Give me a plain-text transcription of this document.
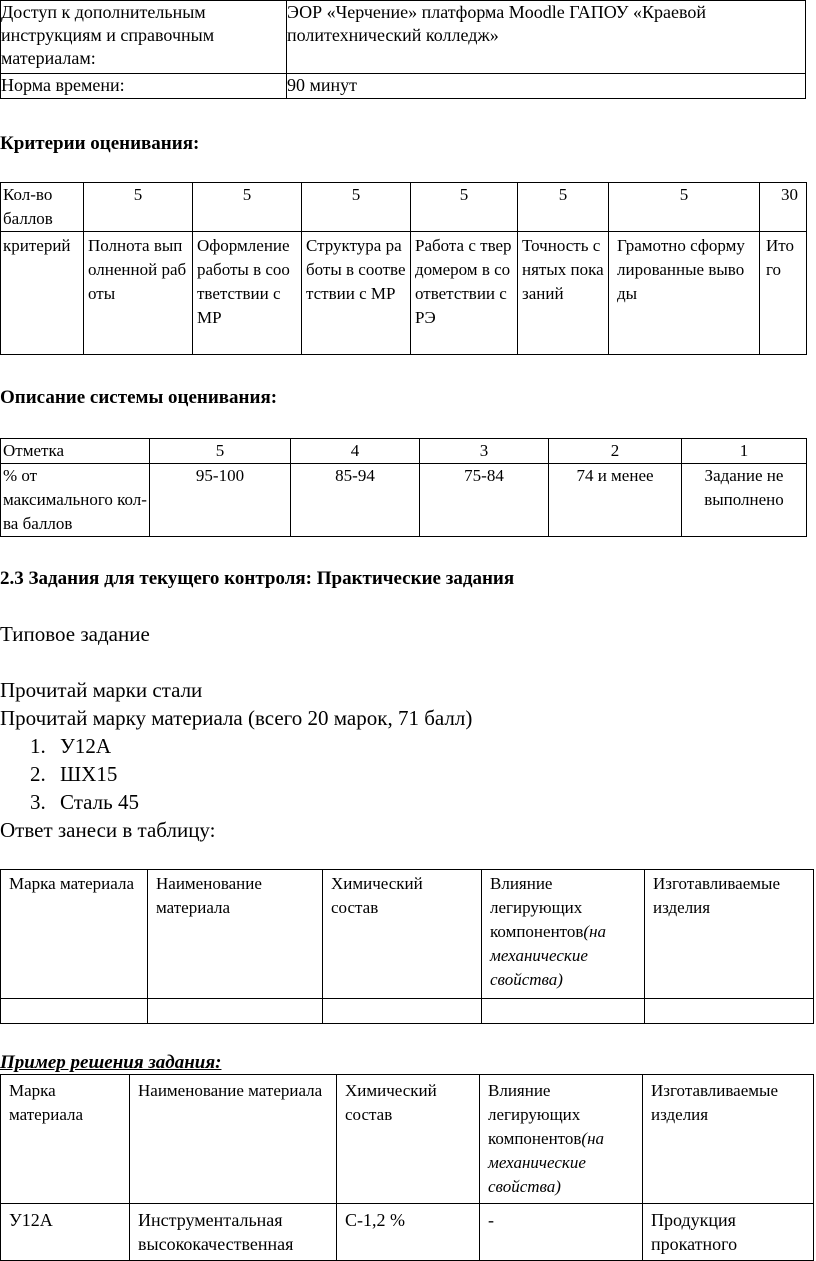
Доступ к дополнительным инструкциям и справочным материалам:	ЭОР «Черчение» платформа Moodle ГАПОУ «Краевой политехнический колледж»
Норма времени:	90 минут
Критерии оценивания:
Кол-во баллов	5	5	5	5	5	5	30
критерий	Полнота выполненной работы	Оформление работы в соответствии с МР	Структура работы в соответствии с МР	Работа с твердомером в соответствии с РЭ	Точность снятых показаний	Грамотно сформулированные выводы	Итого
Описание системы оценивания:
Отметка	5	4	3	2	1
% от максимального кол-ва баллов	95-100	85-94	75-84	74 и менее	Задание не выполнено
2.3 Задания для текущего контроля: Практические задания

Типовое задание

Прочитай марки стали

Прочитай марку материала (всего 20 марок, 71 балл)

1. У12А
2. ШХ15
3. Сталь 45

Ответ занеси в таблицу:

Марка материала	Наименование материала	Химический состав	Влияние легирующих компонентов(на механические свойства)	Изготавливаемые изделия

Пример решения задания:
Марка материала	Наименование материала	Химический состав	Влияние легирующих компонентов(на механические свойства)	Изготавливаемые изделия
У12А	Инструментальная высококачественная	С-1,2 %	-	Продукция прокатного
